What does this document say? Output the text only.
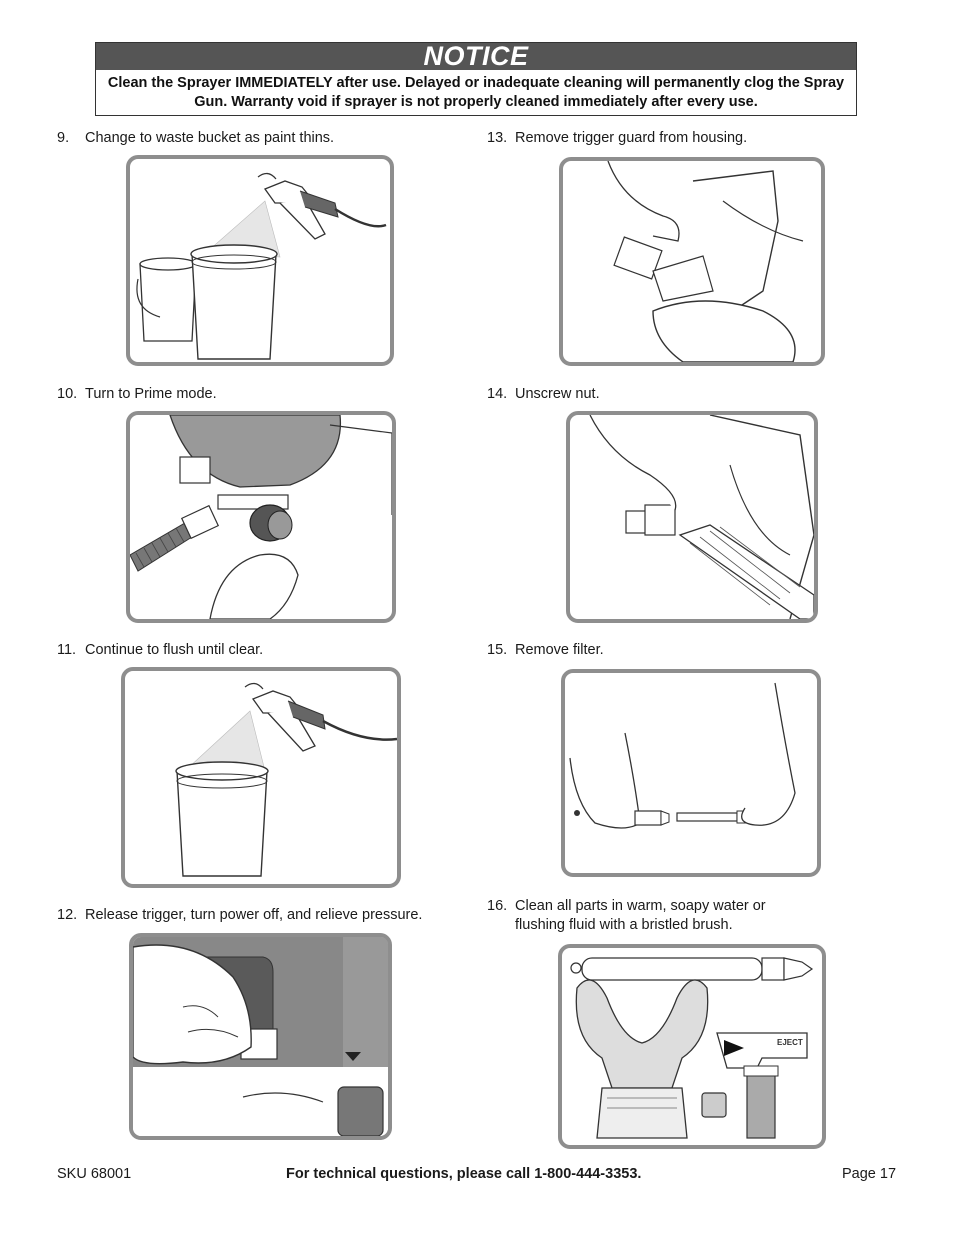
NOTICE
Clean the Sprayer IMMEDIATELY after use. Delayed or inadequate cleaning will permanently clog the Spray Gun. Warranty void if sprayer is not properly cleaned immediately after every use.
9. Change to waste bucket as paint thins.
10. Turn to Prime mode.
11. Continue to flush until clear.
12. Release trigger, turn power off, and relieve pressure.
13. Remove trigger guard from housing.
14. Unscrew nut.
15. Remove filter.
16. Clean all parts in warm, soapy water or
flushing fluid with a bristled brush.
EJECT
SKU 68001	For technical questions, please call 1-800-444-3353.	Page 17
